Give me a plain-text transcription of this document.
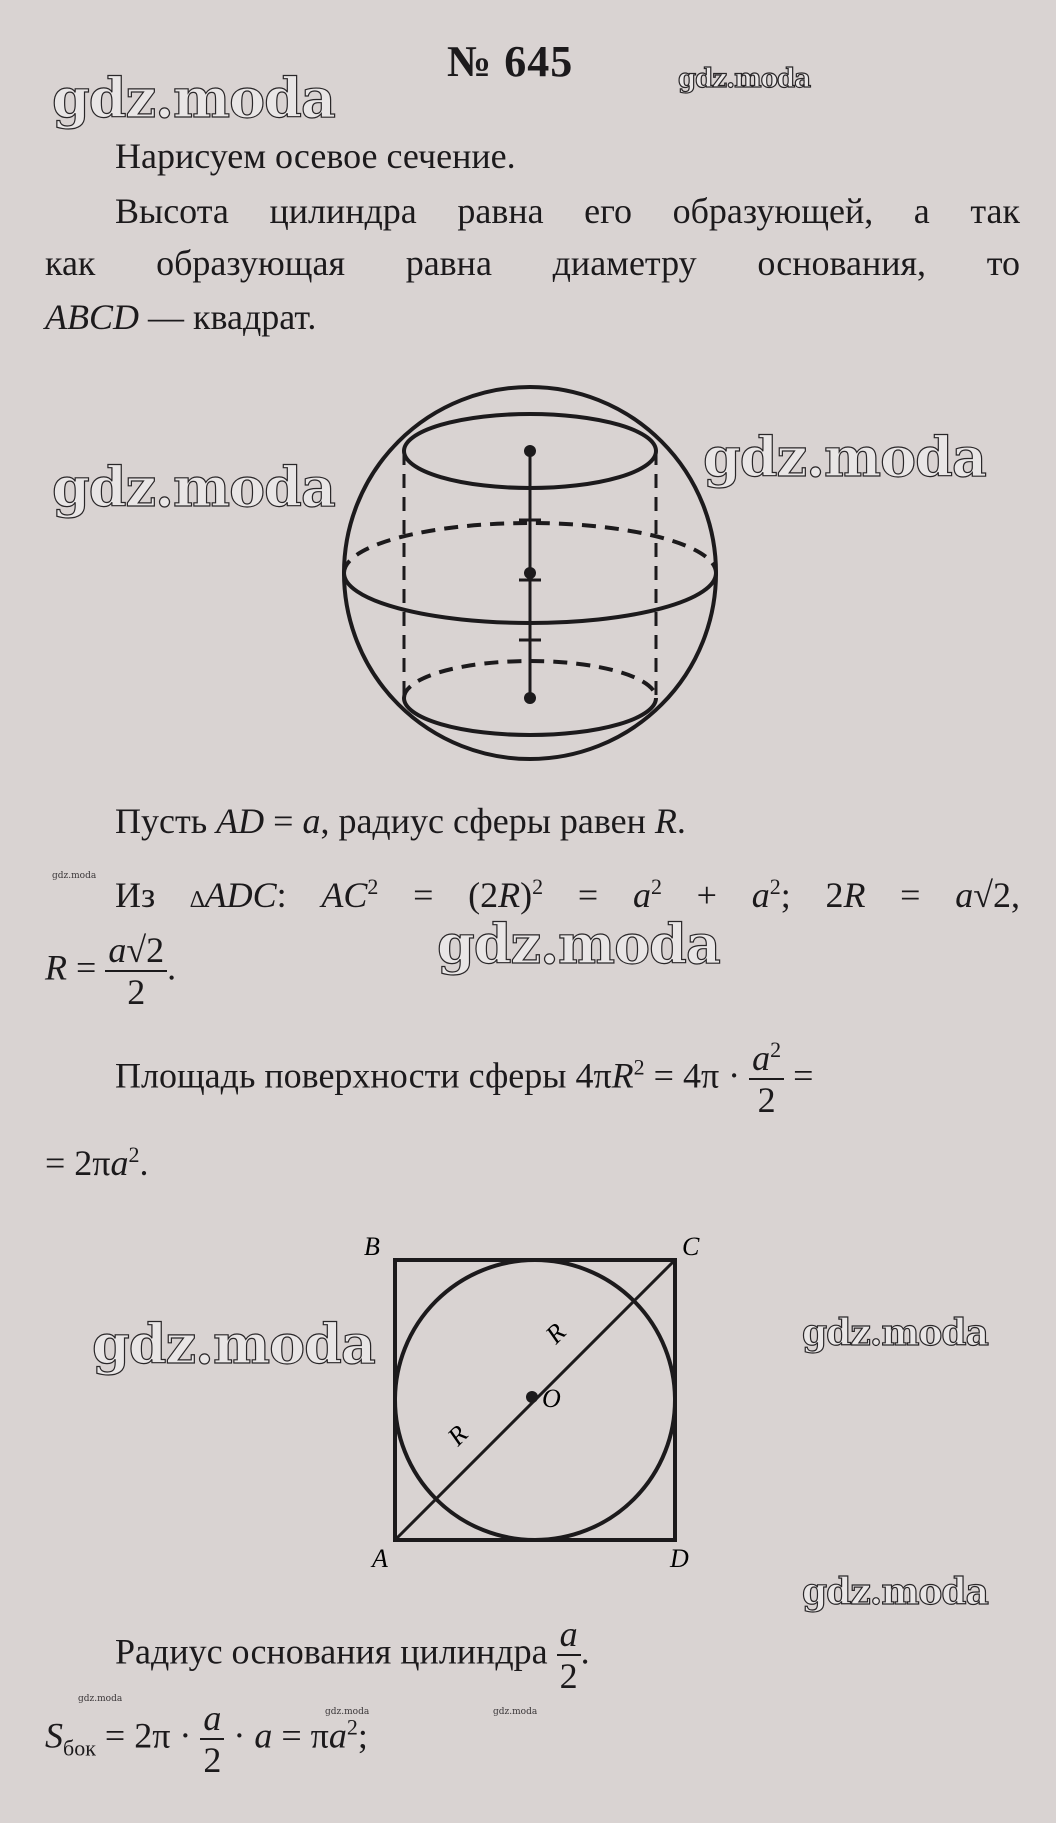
№ 645
gdz.moda	gdz.moda
gdz.moda	gdz.moda
gdz.moda
gdz.moda
gdz.moda	gdz.moda
gdz.moda
gdz.moda
gdz.moda	gdz.moda
Нарисуем осевое сечение.
Высота цилиндра равна его образующей, а так
как образующая равна диаметру основания, то
ABCD — квадрат.
Пусть AD = a, радиус сферы равен R.
Из ∆ADC: $AC^2 = (2R)^2 = a^2 + a^2$; 2R = a√2,
$R = \frac{a√2}{2}$ .
Площадь поверхности сферы $4\pi R^2 = 4\pi \cdot \frac{a^2}{2}$ =
= $2\pi a^2$.
B	C
A	D
O
R
R
Радиус основания цилиндра $\frac{a}{2}$ .
$S_{бок} = 2\pi \cdot \frac{a}{2} \cdot a = \pi a^2$;
